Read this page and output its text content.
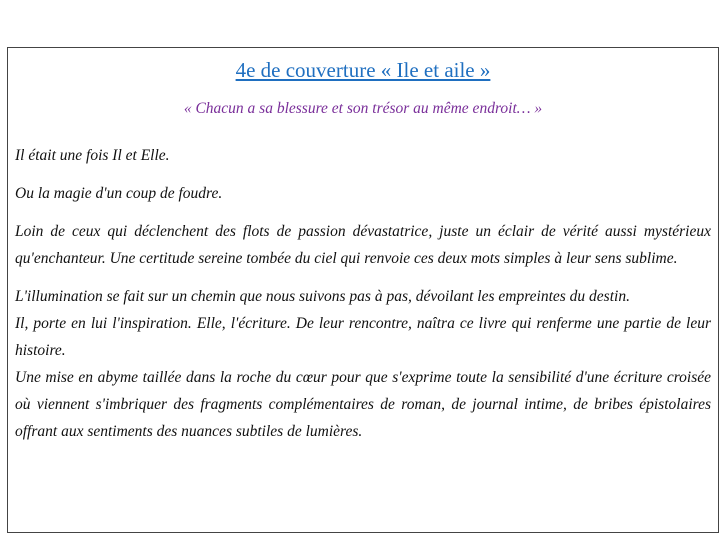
4e de couverture « Ile et aile »
« Chacun a sa blessure et son trésor au même endroit… »

Il était une fois Il et Elle.

Ou la magie d'un coup de foudre.

Loin de ceux qui déclenchent des flots de passion dévastatrice, juste un éclair de vérité aussi mystérieux qu'enchanteur. Une certitude sereine tombée du ciel qui renvoie ces deux mots simples à leur sens sublime.

L'illumination se fait sur un chemin que nous suivons pas à pas, dévoilant les empreintes du destin.

Il, porte en lui l'inspiration. Elle, l'écriture. De leur rencontre, naîtra ce livre qui renferme une partie de leur histoire.

Une mise en abyme taillée dans la roche du cœur pour que s'exprime toute la sensibilité d'une écriture croisée où viennent s'imbriquer des fragments complémentaires de roman, de journal intime, de bribes épistolaires offrant aux sentiments des nuances subtiles de lumières.
